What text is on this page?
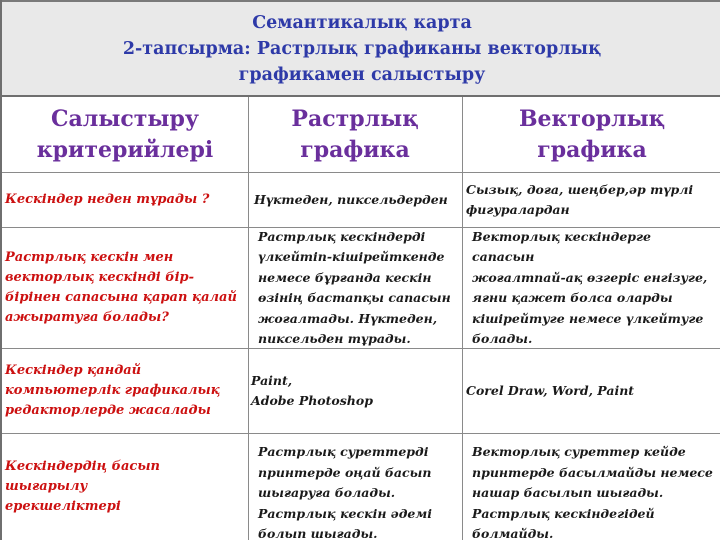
Семантикалық карта
2-тапсырма: Растрлық графиканы векторлық
графикамен салыстыру
Салыстыру
критерийлері
Растрлық
графика
Векторлық
графика
Кескіндер неден тұрады ?	Нүктеден, пиксельдерден
Сызық, доға, шеңбер,әр түрлі
фигуралардан
Растрлық кескін мен
векторлық кескінді бір-
бірінен сапасына қарап қалай
ажыратуға болады?
Растрлық кескіндерді
үлкейтіп-кішірейткенде
немесе бұрғанда кескін
өзінің бастапқы сапасын
жоғалтады. Нүктеден,
пиксельден тұрады.
Векторлық кескіндерге сапасын
жоғалтпай-ақ өзгеріс енгізуге,
яғни қажет болса оларды
кішірейтуге немесе үлкейтуге
болады.
Кескіндер қандай
компьютерлік графикалық
редакторлерде жасалады
Paint,
Adobe Photoshop
Corel Draw, Word, Paint
Кескіндердің басып шығарылу
ерекшеліктері
Растрлық суреттерді
принтерде оңай басып
шығаруға болады.
Растрлық кескін әдемі
болып шығады.
Векторлық суреттер кейде
принтерде басылмайды немесе
нашар басылып шығады.
Растрлық кескіндегідей
болмайды.
